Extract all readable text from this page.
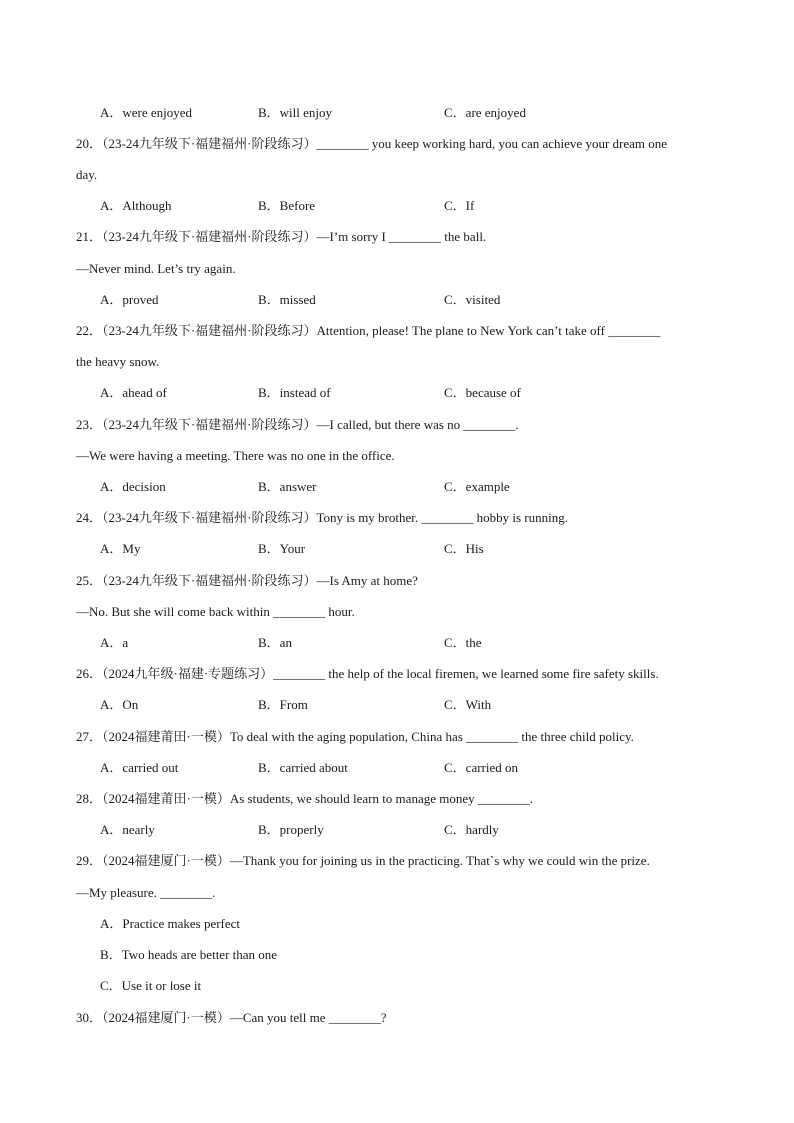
A．were enjoyed	B．will enjoy	C．are enjoyed
20．（23-24九年级下·福建福州·阶段练习）________ you keep working hard, you can achieve your dream one
day.
A．Although	B．Before	C．If
21．（23-24九年级下·福建福州·阶段练习）—I’m sorry I ________ the ball.
—Never mind. Let’s try again.
A．proved	B．missed	C．visited
22．（23-24九年级下·福建福州·阶段练习）Attention, please! The plane to New York can’t take off ________
the heavy snow.
A．ahead of	B．instead of	C．because of
23．（23-24九年级下·福建福州·阶段练习）—I called, but there was no ________.
—We were having a meeting. There was no one in the office.
A．decision	B．answer	C．example
24．（23-24九年级下·福建福州·阶段练习）Tony is my brother. ________ hobby is running.
A．My	B．Your	C．His
25．（23-24九年级下·福建福州·阶段练习）—Is Amy at home?
—No. But she will come back within ________ hour.
A．a	B．an	C．the
26．（2024九年级·福建·专题练习）________ the help of the local firemen, we learned some fire safety skills.
A．On	B．From	C．With
27．（2024福建莆田·一模）To deal with the aging population, China has ________ the three child policy.
A．carried out	B．carried about	C．carried on
28．（2024福建莆田·一模）As students, we should learn to manage money ________.
A．nearly	B．properly	C．hardly
29．（2024福建厦门·一模）—Thank you for joining us in the practicing. That`s why we could win the prize.
—My pleasure. ________.
A．Practice makes perfect
B．Two heads are better than one
C．Use it or lose it
30．（2024福建厦门·一模）—Can you tell me ________?
